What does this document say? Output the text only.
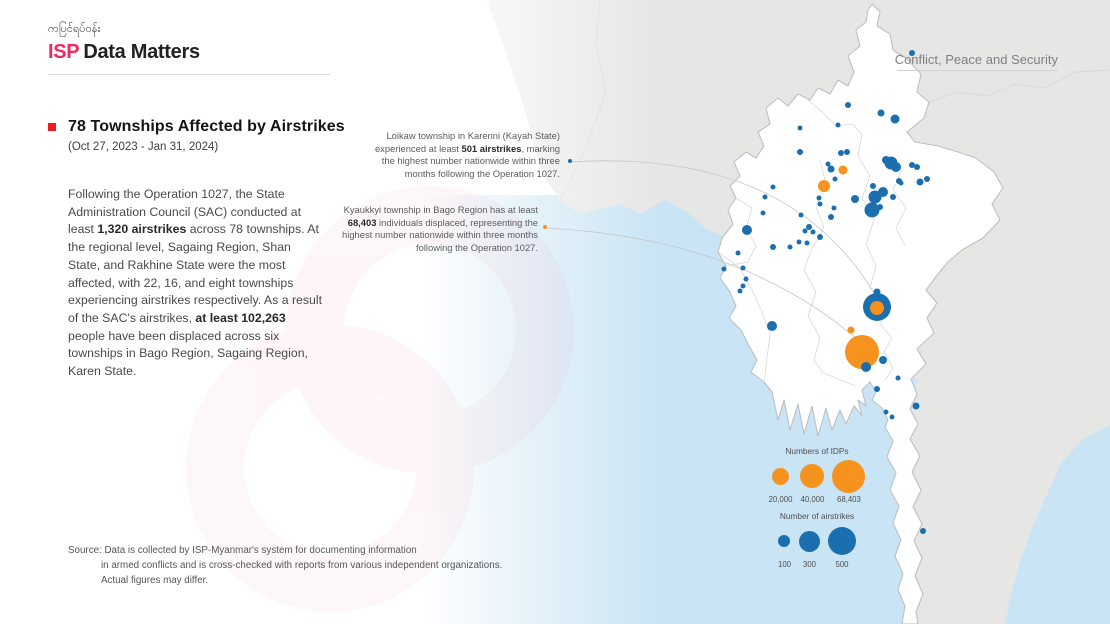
ကပြင်ရပ်ဝန်း
ISP Data Matters	Conflict, Peace and Security
78 Townships Affected by Airstrikes
(Oct 27, 2023 - Jan 31, 2024)
Following the Operation 1027, the State Administration Council (SAC) conducted at least 1,320 airstrikes across 78 townships. At the regional level, Sagaing Region, Shan State, and Rakhine State were the most affected, with 22, 16, and eight townships experiencing airstrikes respectively. As a result of the SAC's airstrikes, at least 102,263 people have been displaced across six townships in Bago Region, Sagaing Region, Karen State.
Loikaw township in Karenni (Kayah State) experienced at least 501 airstrikes, marking the highest number nationwide within three months following the Operation 1027.
Kyaukkyi township in Bago Region has at least 68,403 individuals displaced, representing the highest number nationwide within three months following the Operation 1027.
Numbers of IDPs
20,000 40,000 68,403
Number of airstrikes
100 300 500
Source: Data is collected by ISP-Myanmar's system for documenting information
in armed conflicts and is cross-checked with reports from various independent organizations.
Actual figures may differ.
